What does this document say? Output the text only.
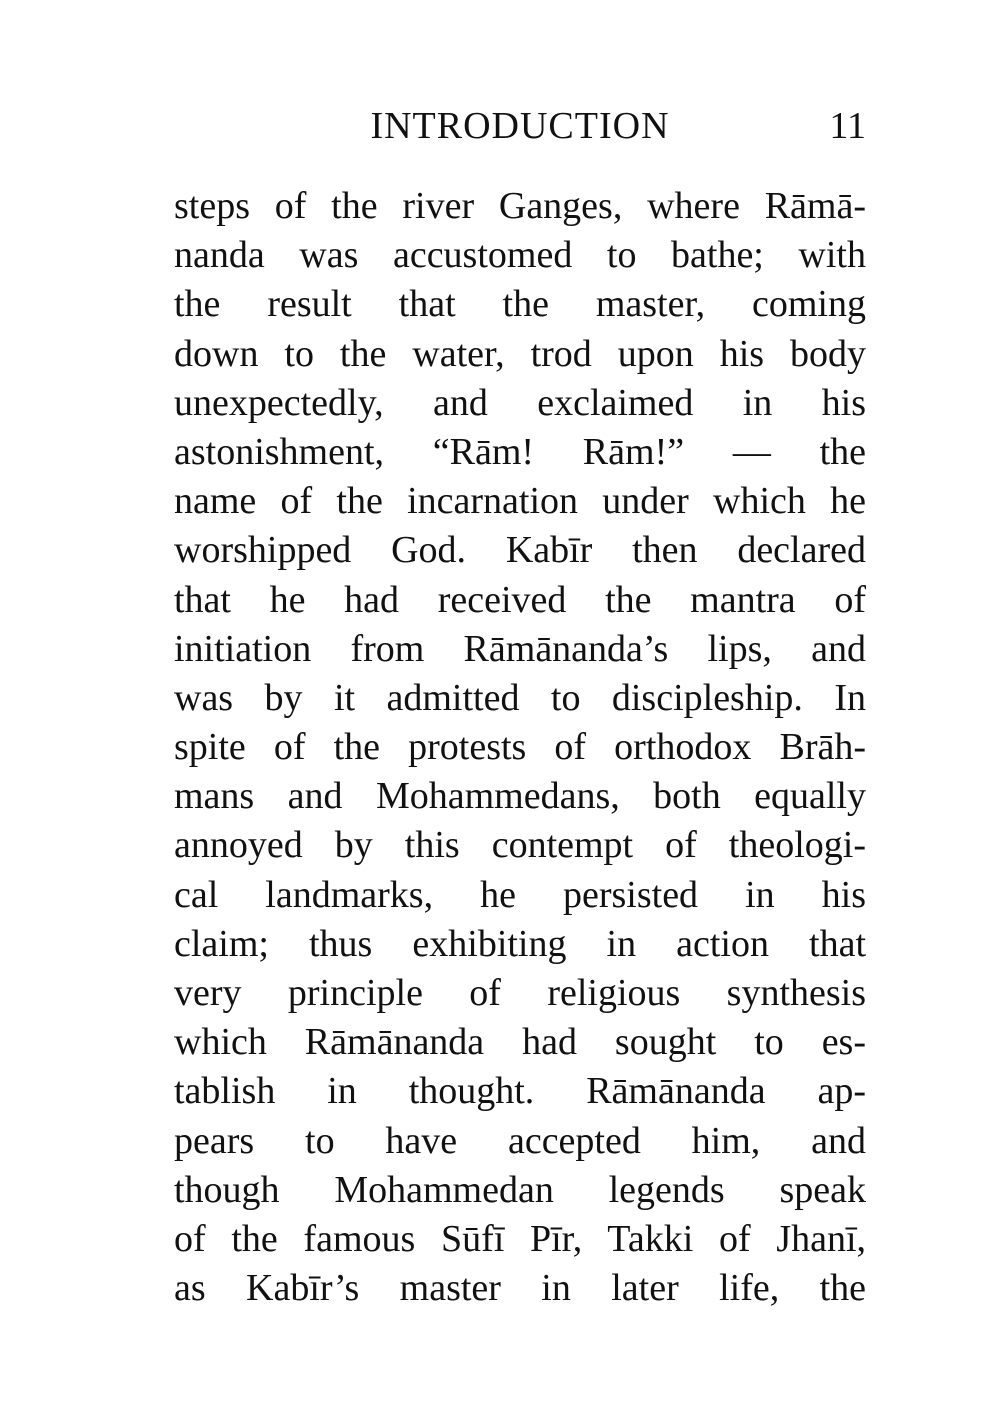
INTRODUCTION	11
steps of the river Ganges, where Rāmā-
nanda was accustomed to bathe; with
the result that the master, coming
down to the water, trod upon his body
unexpectedly, and exclaimed in his
astonishment, “Rām! Rām!” — the
name of the incarnation under which he
worshipped God. Kabīr then declared
that he had received the mantra of
initiation from Rāmānanda’s lips, and
was by it admitted to discipleship. In
spite of the protests of orthodox Brāh-
mans and Mohammedans, both equally
annoyed by this contempt of theologi-
cal landmarks, he persisted in his
claim; thus exhibiting in action that
very principle of religious synthesis
which Rāmānanda had sought to es-
tablish in thought. Rāmānanda ap-
pears to have accepted him, and
though Mohammedan legends speak
of the famous Sūfī Pīr, Takki of Jhanī,
as Kabīr’s master in later life, the
